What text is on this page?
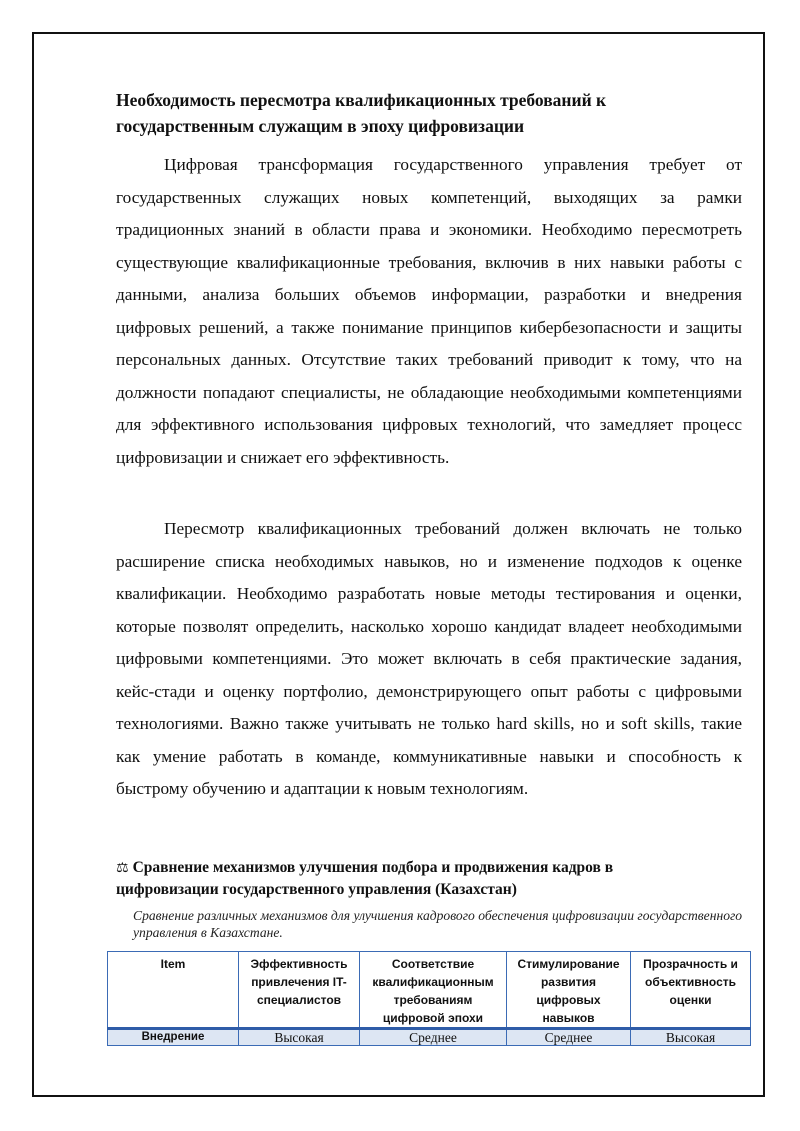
Необходимость пересмотра квалификационных требований к государственным служащим в эпоху цифровизации

Цифровая трансформация государственного управления требует от государственных служащих новых компетенций, выходящих за рамки традиционных знаний в области права и экономики. Необходимо пересмотреть существующие квалификационные требования, включив в них навыки работы с данными, анализа больших объемов информации, разработки и внедрения цифровых решений, а также понимание принципов кибербезопасности и защиты персональных данных. Отсутствие таких требований приводит к тому, что на должности попадают специалисты, не обладающие необходимыми компетенциями для эффективного использования цифровых технологий, что замедляет процесс цифровизации и снижает его эффективность.

Пересмотр квалификационных требований должен включать не только расширение списка необходимых навыков, но и изменение подходов к оценке квалификации. Необходимо разработать новые методы тестирования и оценки, которые позволят определить, насколько хорошо кандидат владеет необходимыми цифровыми компетенциями. Это может включать в себя практические задания, кейс-стади и оценку портфолио, демонстрирующего опыт работы с цифровыми технологиями. Важно также учитывать не только hard skills, но и soft skills, такие как умение работать в команде, коммуникативные навыки и способность к быстрому обучению и адаптации к новым технологиям.

⚖ Сравнение механизмов улучшения подбора и продвижения кадров в цифровизации государственного управления (Казахстан)
Сравнение различных механизмов для улучшения кадрового обеспечения цифровизации государственного управления в Казахстане.
Item	Эффективность привлечения IT-специалистов	Соответствие квалификационным требованиям цифровой эпохи	Стимулирование развития цифровых навыков	Прозрачность и объективность оценки
Внедрение	Высокая	Среднее	Среднее	Высокая
